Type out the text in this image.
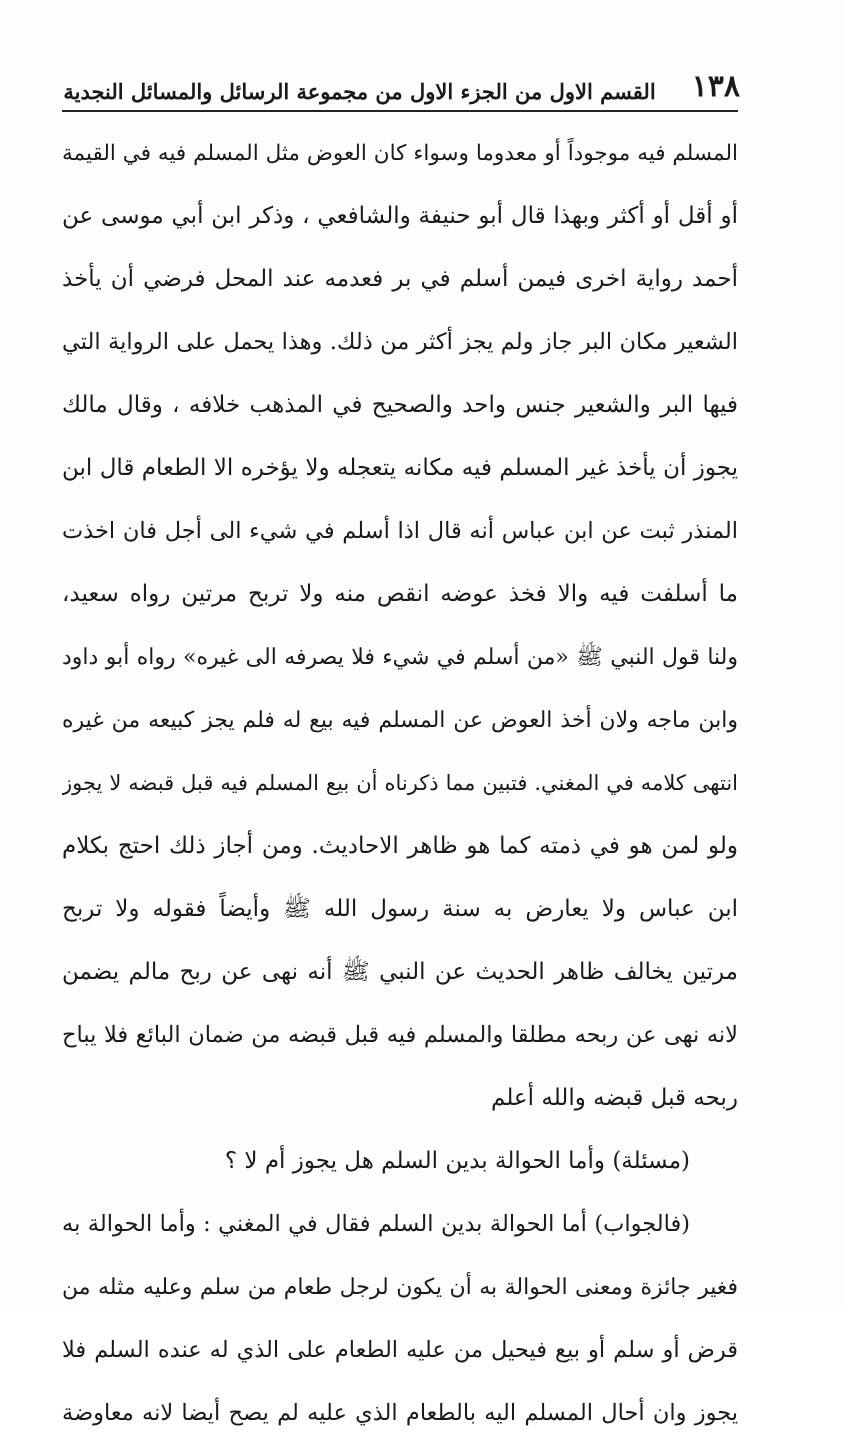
١٣٨
القسم الاول من الجزء الاول من مجموعة الرسائل والمسائل النجدية
المسلم فيه موجوداً أو معدوما وسواء كان العوض مثل المسلم فيه في القيمة
أو أقل أو أكثر وبهذا قال أبو حنيفة والشافعي ، وذكر ابن أبي موسى عن
أحمد رواية اخرى فيمن أسلم في بر فعدمه عند المحل فرضي أن يأخذ
الشعير مكان البر جاز ولم يجز أكثر من ذلك. وهذا يحمل على الرواية التي
فيها البر والشعير جنس واحد والصحيح في المذهب خلافه ، وقال مالك
يجوز أن يأخذ غير المسلم فيه مكانه يتعجله ولا يؤخره الا الطعام قال ابن
المنذر ثبت عن ابن عباس أنه قال اذا أسلم في شيء الى أجل فان اخذت
ما أسلفت فيه والا فخذ عوضه انقص منه ولا تربح مرتين رواه سعيد،
ولنا قول النبي ﷺ «من أسلم في شيء فلا يصرفه الى غيره» رواه أبو داود
وابن ماجه ولان أخذ العوض عن المسلم فيه بيع له فلم يجز كبيعه من غيره
انتهى كلامه في المغني. فتبين مما ذكرناه أن بيع المسلم فيه قبل قبضه لا يجوز
ولو لمن هو في ذمته كما هو ظاهر الاحاديث. ومن أجاز ذلك احتج بكلام
ابن عباس ولا يعارض به سنة رسول الله ﷺ وأيضاً فقوله ولا تربح
مرتين يخالف ظاهر الحديث عن النبي ﷺ أنه نهى عن ربح مالم يضمن
لانه نهى عن ربحه مطلقا والمسلم فيه قبل قبضه من ضمان البائع فلا يباح
ربحه قبل قبضه والله أعلم
(مسئلة) وأما الحوالة بدين السلم هل يجوز أم لا ؟
(فالجواب) أما الحوالة بدين السلم فقال في المغني : وأما الحوالة به
فغير جائزة ومعنى الحوالة به أن يكون لرجل طعام من سلم وعليه مثله من
قرض أو سلم أو بيع فيحيل من عليه الطعام على الذي له عنده السلم فلا
يجوز وان أحال المسلم اليه بالطعام الذي عليه لم يصح أيضا لانه معاوضة
